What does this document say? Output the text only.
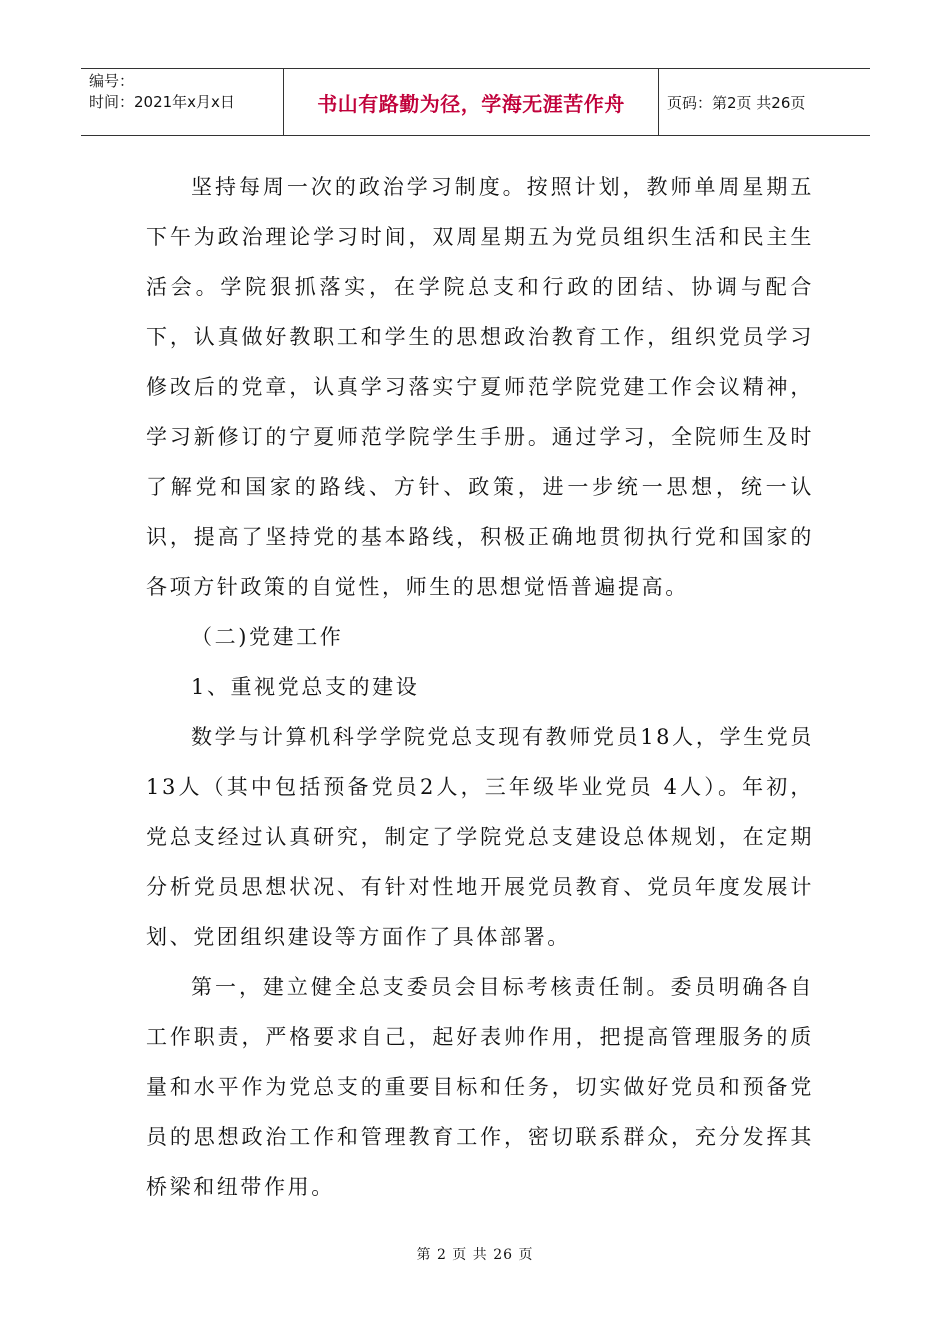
编号：
时间：2021年x月x日	书山有路勤为径，学海无涯苦作舟	页码：第2页 共26页

坚持每周一次的政治学习制度。按照计划，教师单周星期五下午为政治理论学习时间，双周星期五为党员组织生活和民主生活会。学院狠抓落实，在学院总支和行政的团结、协调与配合下，认真做好教职工和学生的思想政治教育工作，组织党员学习修改后的党章，认真学习落实宁夏师范学院党建工作会议精神，学习新修订的宁夏师范学院学生手册。通过学习，全院师生及时了解党和国家的路线、方针、政策，进一步统一思想，统一认识，提高了坚持党的基本路线，积极正确地贯彻执行党和国家的各项方针政策的自觉性，师生的思想觉悟普遍提高。

（二)党建工作

1、重视党总支的建设

数学与计算机科学学院党总支现有教师党员18人，学生党员13人（其中包括预备党员2人，三年级毕业党员 4人）。年初，党总支经过认真研究，制定了学院党总支建设总体规划，在定期分析党员思想状况、有针对性地开展党员教育、党员年度发展计划、党团组织建设等方面作了具体部署。

第一，建立健全总支委员会目标考核责任制。委员明确各自工作职责，严格要求自己，起好表帅作用，把提高管理服务的质量和水平作为党总支的重要目标和任务，切实做好党员和预备党员的思想政治工作和管理教育工作，密切联系群众，充分发挥其桥梁和纽带作用。

第 2 页 共 26 页
